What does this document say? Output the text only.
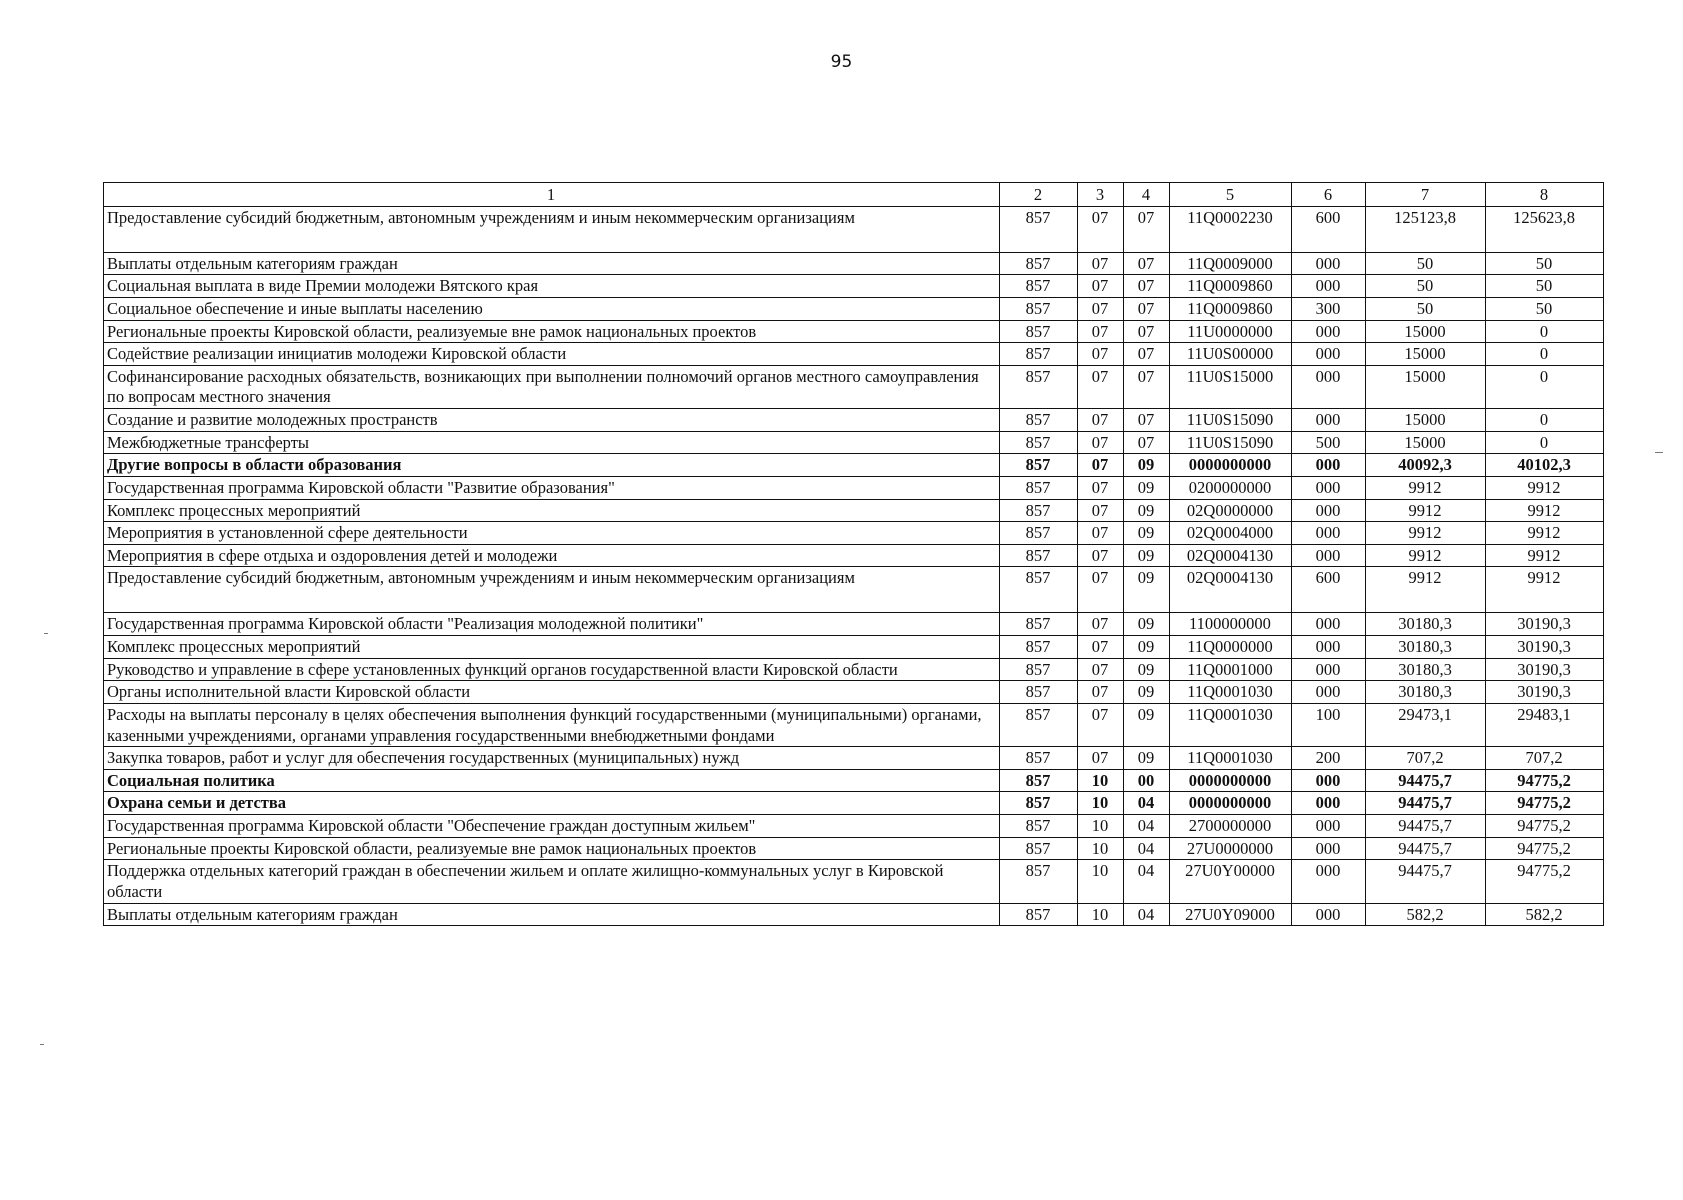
95
1	2	3	4	5	6	7	8
Предоставление субсидий бюджетным, автономным учреждениям и иным некоммерческим организациям	857	07	07	11Q0002230	600	125123,8	125623,8
Выплаты отдельным категориям граждан	857	07	07	11Q0009000	000	50	50
Социальная выплата в виде Премии молодежи Вятского края	857	07	07	11Q0009860	000	50	50
Социальное обеспечение и иные выплаты населению	857	07	07	11Q0009860	300	50	50
Региональные проекты Кировской области, реализуемые вне рамок национальных проектов	857	07	07	11U0000000	000	15000	0
Содействие реализации инициатив молодежи Кировской области	857	07	07	11U0S00000	000	15000	0
Софинансирование расходных обязательств, возникающих при выполнении полномочий органов местного самоуправления по вопросам местного значения	857	07	07	11U0S15000	000	15000	0
Создание и развитие молодежных пространств	857	07	07	11U0S15090	000	15000	0
Межбюджетные трансферты	857	07	07	11U0S15090	500	15000	0
Другие вопросы в области образования	857	07	09	0000000000	000	40092,3	40102,3
Государственная программа Кировской области "Развитие образования"	857	07	09	0200000000	000	9912	9912
Комплекс процессных мероприятий	857	07	09	02Q0000000	000	9912	9912
Мероприятия в установленной сфере деятельности	857	07	09	02Q0004000	000	9912	9912
Мероприятия в сфере отдыха и оздоровления детей и молодежи	857	07	09	02Q0004130	000	9912	9912
Предоставление субсидий бюджетным, автономным учреждениям и иным некоммерческим организациям	857	07	09	02Q0004130	600	9912	9912
Государственная программа Кировской области "Реализация молодежной политики"	857	07	09	1100000000	000	30180,3	30190,3
Комплекс процессных мероприятий	857	07	09	11Q0000000	000	30180,3	30190,3
Руководство и управление в сфере установленных функций органов государственной власти Кировской области	857	07	09	11Q0001000	000	30180,3	30190,3
Органы исполнительной власти Кировской области	857	07	09	11Q0001030	000	30180,3	30190,3
Расходы на выплаты персоналу в целях обеспечения выполнения функций государственными (муниципальными) органами, казенными учреждениями, органами управления государственными внебюджетными фондами	857	07	09	11Q0001030	100	29473,1	29483,1
Закупка товаров, работ и услуг для обеспечения государственных (муниципальных) нужд	857	07	09	11Q0001030	200	707,2	707,2
Социальная политика	857	10	00	0000000000	000	94475,7	94775,2
Охрана семьи и детства	857	10	04	0000000000	000	94475,7	94775,2
Государственная программа Кировской области "Обеспечение граждан доступным жильем"	857	10	04	2700000000	000	94475,7	94775,2
Региональные проекты Кировской области, реализуемые вне рамок национальных проектов	857	10	04	27U0000000	000	94475,7	94775,2
Поддержка отдельных категорий граждан в обеспечении жильем и оплате жилищно-коммунальных услуг в Кировской области	857	10	04	27U0Y00000	000	94475,7	94775,2
Выплаты отдельным категориям граждан	857	10	04	27U0Y09000	000	582,2	582,2
